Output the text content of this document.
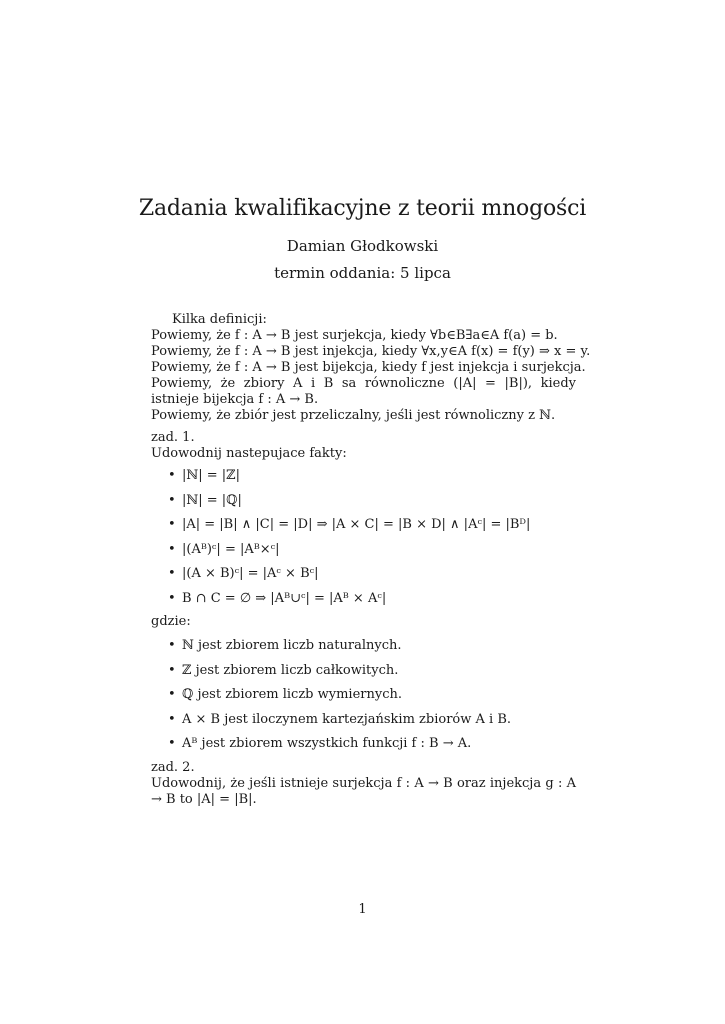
Zadania kwalifikacyjne z teorii mnogości
Damian Głodkowski
termin oddania: 5 lipca
Kilka definicji:
Powiemy, że f : A → B jest surjekcja, kiedy ∀b∈B∃a∈A f(a) = b.
Powiemy, że f : A → B jest injekcja, kiedy ∀x,y∈A f(x) = f(y) ⇒ x = y.
Powiemy, że f : A → B jest bijekcja, kiedy f jest injekcja i surjekcja.
Powiemy, że zbiory A i B sa równoliczne (|A| = |B|), kiedy istnieje bijekcja f : A → B.
Powiemy, że zbiór jest przeliczalny, jeśli jest równoliczny z ℕ.
zad. 1.
Udowodnij nastepujace fakty:
• |ℕ| = |ℤ|
• |ℕ| = |ℚ|
• |A| = |B| ∧ |C| = |D| ⇒ |A × C| = |B × D| ∧ |Aᶜ| = |Bᴰ|
• |(Aᴮ)ᶜ| = |Aᴮ×ᶜ|
• |(A × B)ᶜ| = |Aᶜ × Bᶜ|
• B ∩ C = ∅ ⇒ |Aᴮ∪ᶜ| = |Aᴮ × Aᶜ|
gdzie:
• ℕ jest zbiorem liczb naturalnych.
• ℤ jest zbiorem liczb całkowitych.
• ℚ jest zbiorem liczb wymiernych.
• A × B jest iloczynem kartezjańskim zbiorów A i B.
• Aᴮ jest zbiorem wszystkich funkcji f : B → A.
zad. 2.
Udowodnij, że jeśli istnieje surjekcja f : A → B oraz injekcja g : A → B to |A| = |B|.
1
